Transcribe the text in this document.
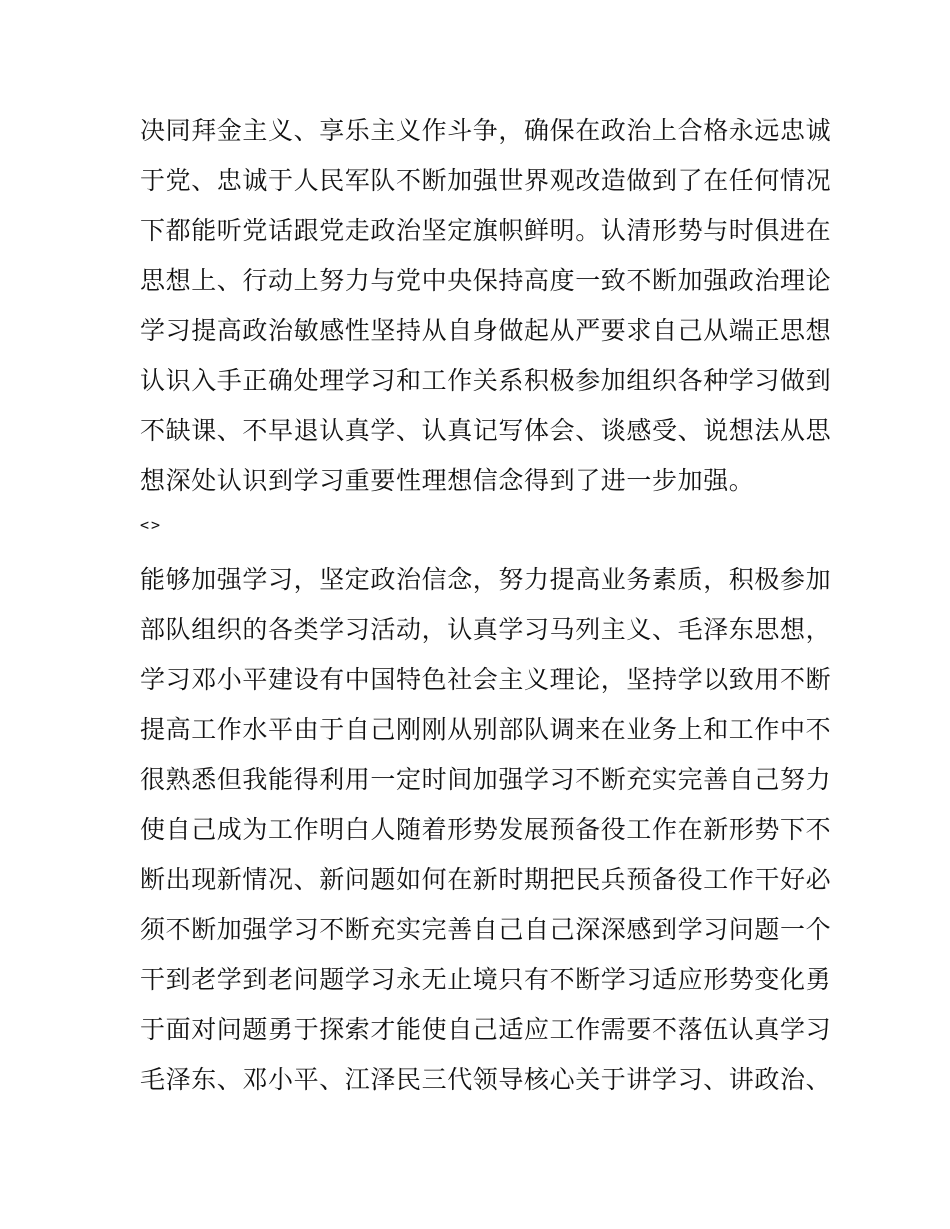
决同拜金主义、享乐主义作斗争，确保在政治上合格永远忠诚
于党、忠诚于人民军队不断加强世界观改造做到了在任何情况
下都能听党话跟党走政治坚定旗帜鲜明。认清形势与时俱进在
思想上、行动上努力与党中央保持高度一致不断加强政治理论
学习提高政治敏感性坚持从自身做起从严要求自己从端正思想
认识入手正确处理学习和工作关系积极参加组织各种学习做到
不缺课、不早退认真学、认真记写体会、谈感受、说想法从思
想深处认识到学习重要性理想信念得到了进一步加强。
<>
能够加强学习，坚定政治信念，努力提高业务素质，积极参加
部队组织的各类学习活动，认真学习马列主义、毛泽东思想，
学习邓小平建设有中国特色社会主义理论，坚持学以致用不断
提高工作水平由于自己刚刚从别部队调来在业务上和工作中不
很熟悉但我能得利用一定时间加强学习不断充实完善自己努力
使自己成为工作明白人随着形势发展预备役工作在新形势下不
断出现新情况、新问题如何在新时期把民兵预备役工作干好必
须不断加强学习不断充实完善自己自己深深感到学习问题一个
干到老学到老问题学习永无止境只有不断学习适应形势变化勇
于面对问题勇于探索才能使自己适应工作需要不落伍认真学习
毛泽东、邓小平、江泽民三代领导核心关于讲学习、讲政治、
